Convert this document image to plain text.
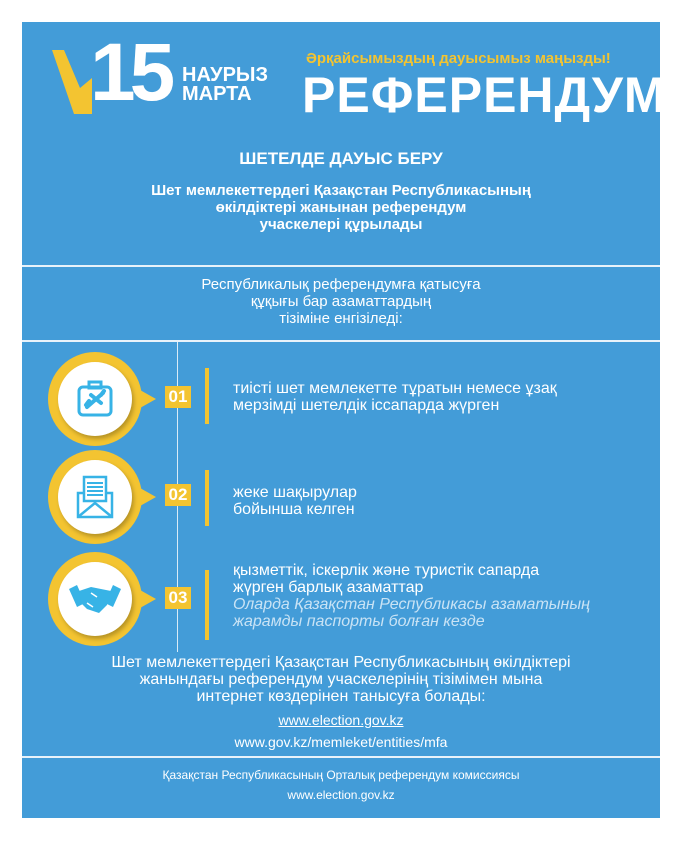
15 НАУРЫЗ
МАРТА
Әрқайсымыздың дауысымыз маңызды!
РЕФЕРЕНДУМ
ШЕТЕЛДЕ ДАУЫС БЕРУ
Шет мемлекеттердегі Қазақстан Республикасының
өкілдіктері жанынан референдум
учаскелері құрылады
Республикалық референдумға қатысуға
құқығы бар азаматтардың
тізіміне енгізіледі:
01	тиісті шет мемлекетте тұратын немесе ұзақ
мерзімді шетелдік іссапарда жүрген
02	жеке шақырулар
бойынша келген
03
қызметтік, іскерлік және туристік сапарда
жүрген барлық азаматтар
Оларда Қазақстан Республикасы азаматының
жарамды паспорты болған кезде
Шет мемлекеттердегі Қазақстан Республикасының өкілдіктері
жанындағы референдум учаскелерінің тізімімен мына
интернет көздерінен танысуға болады:
www.election.gov.kz
www.gov.kz/memleket/entities/mfa
Қазақстан Республикасының Орталық референдум комиссиясы
www.election.gov.kz
